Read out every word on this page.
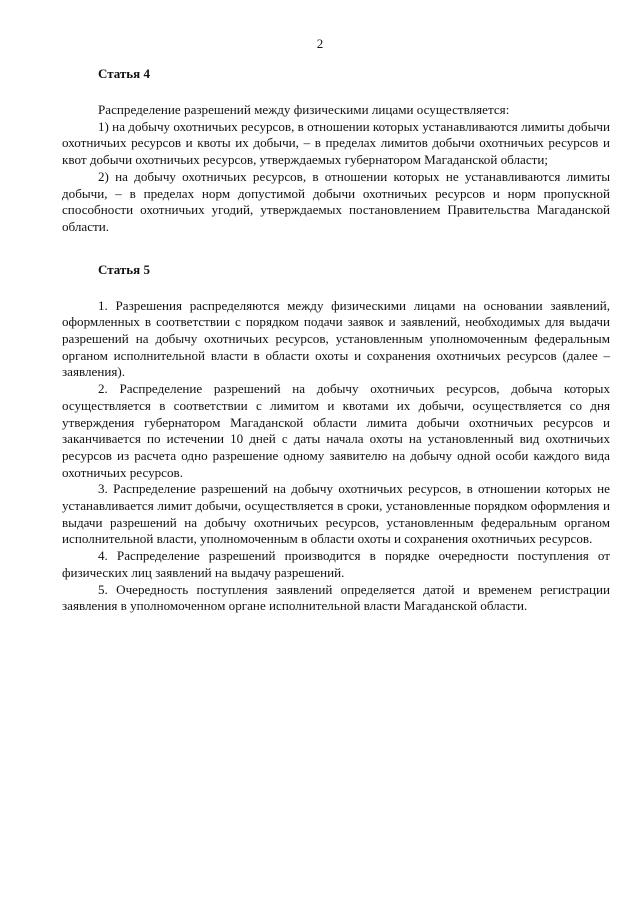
2
Статья 4

Распределение разрешений между физическими лицами осуществляется:

1) на добычу охотничьих ресурсов, в отношении которых устанавливаются лимиты добычи охотничьих ресурсов и квоты их добычи, – в пределах лимитов добычи охотничьих ресурсов и квот добычи охотничьих ресурсов, утверждаемых губернатором Магаданской области;

2) на добычу охотничьих ресурсов, в отношении которых не устанавливаются лимиты добычи, – в пределах норм допустимой добычи охотничьих ресурсов и норм пропускной способности охотничьих угодий, утверждаемых постановлением Правительства Магаданской области.

Статья 5

1. Разрешения распределяются между физическими лицами на основании заявлений, оформленных в соответствии с порядком подачи заявок и заявлений, необходимых для выдачи разрешений на добычу охотничьих ресурсов, установленным уполномоченным федеральным органом исполнительной власти в области охоты и сохранения охотничьих ресурсов (далее – заявления).

2. Распределение разрешений на добычу охотничьих ресурсов, добыча которых осуществляется в соответствии с лимитом и квотами их добычи, осуществляется со дня утверждения губернатором Магаданской области лимита добычи охотничьих ресурсов и заканчивается по истечении 10 дней с даты начала охоты на установленный вид охотничьих ресурсов из расчета одно разрешение одному заявителю на добычу одной особи каждого вида охотничьих ресурсов.

3. Распределение разрешений на добычу охотничьих ресурсов, в отношении которых не устанавливается лимит добычи, осуществляется в сроки, установленные порядком оформления и выдачи разрешений на добычу охотничьих ресурсов, установленным федеральным органом исполнительной власти, уполномоченным в области охоты и сохранения охотничьих ресурсов.

4. Распределение разрешений производится в порядке очередности поступления от физических лиц заявлений на выдачу разрешений.

5. Очередность поступления заявлений определяется датой и временем регистрации заявления в уполномоченном органе исполнительной власти Магаданской области.
